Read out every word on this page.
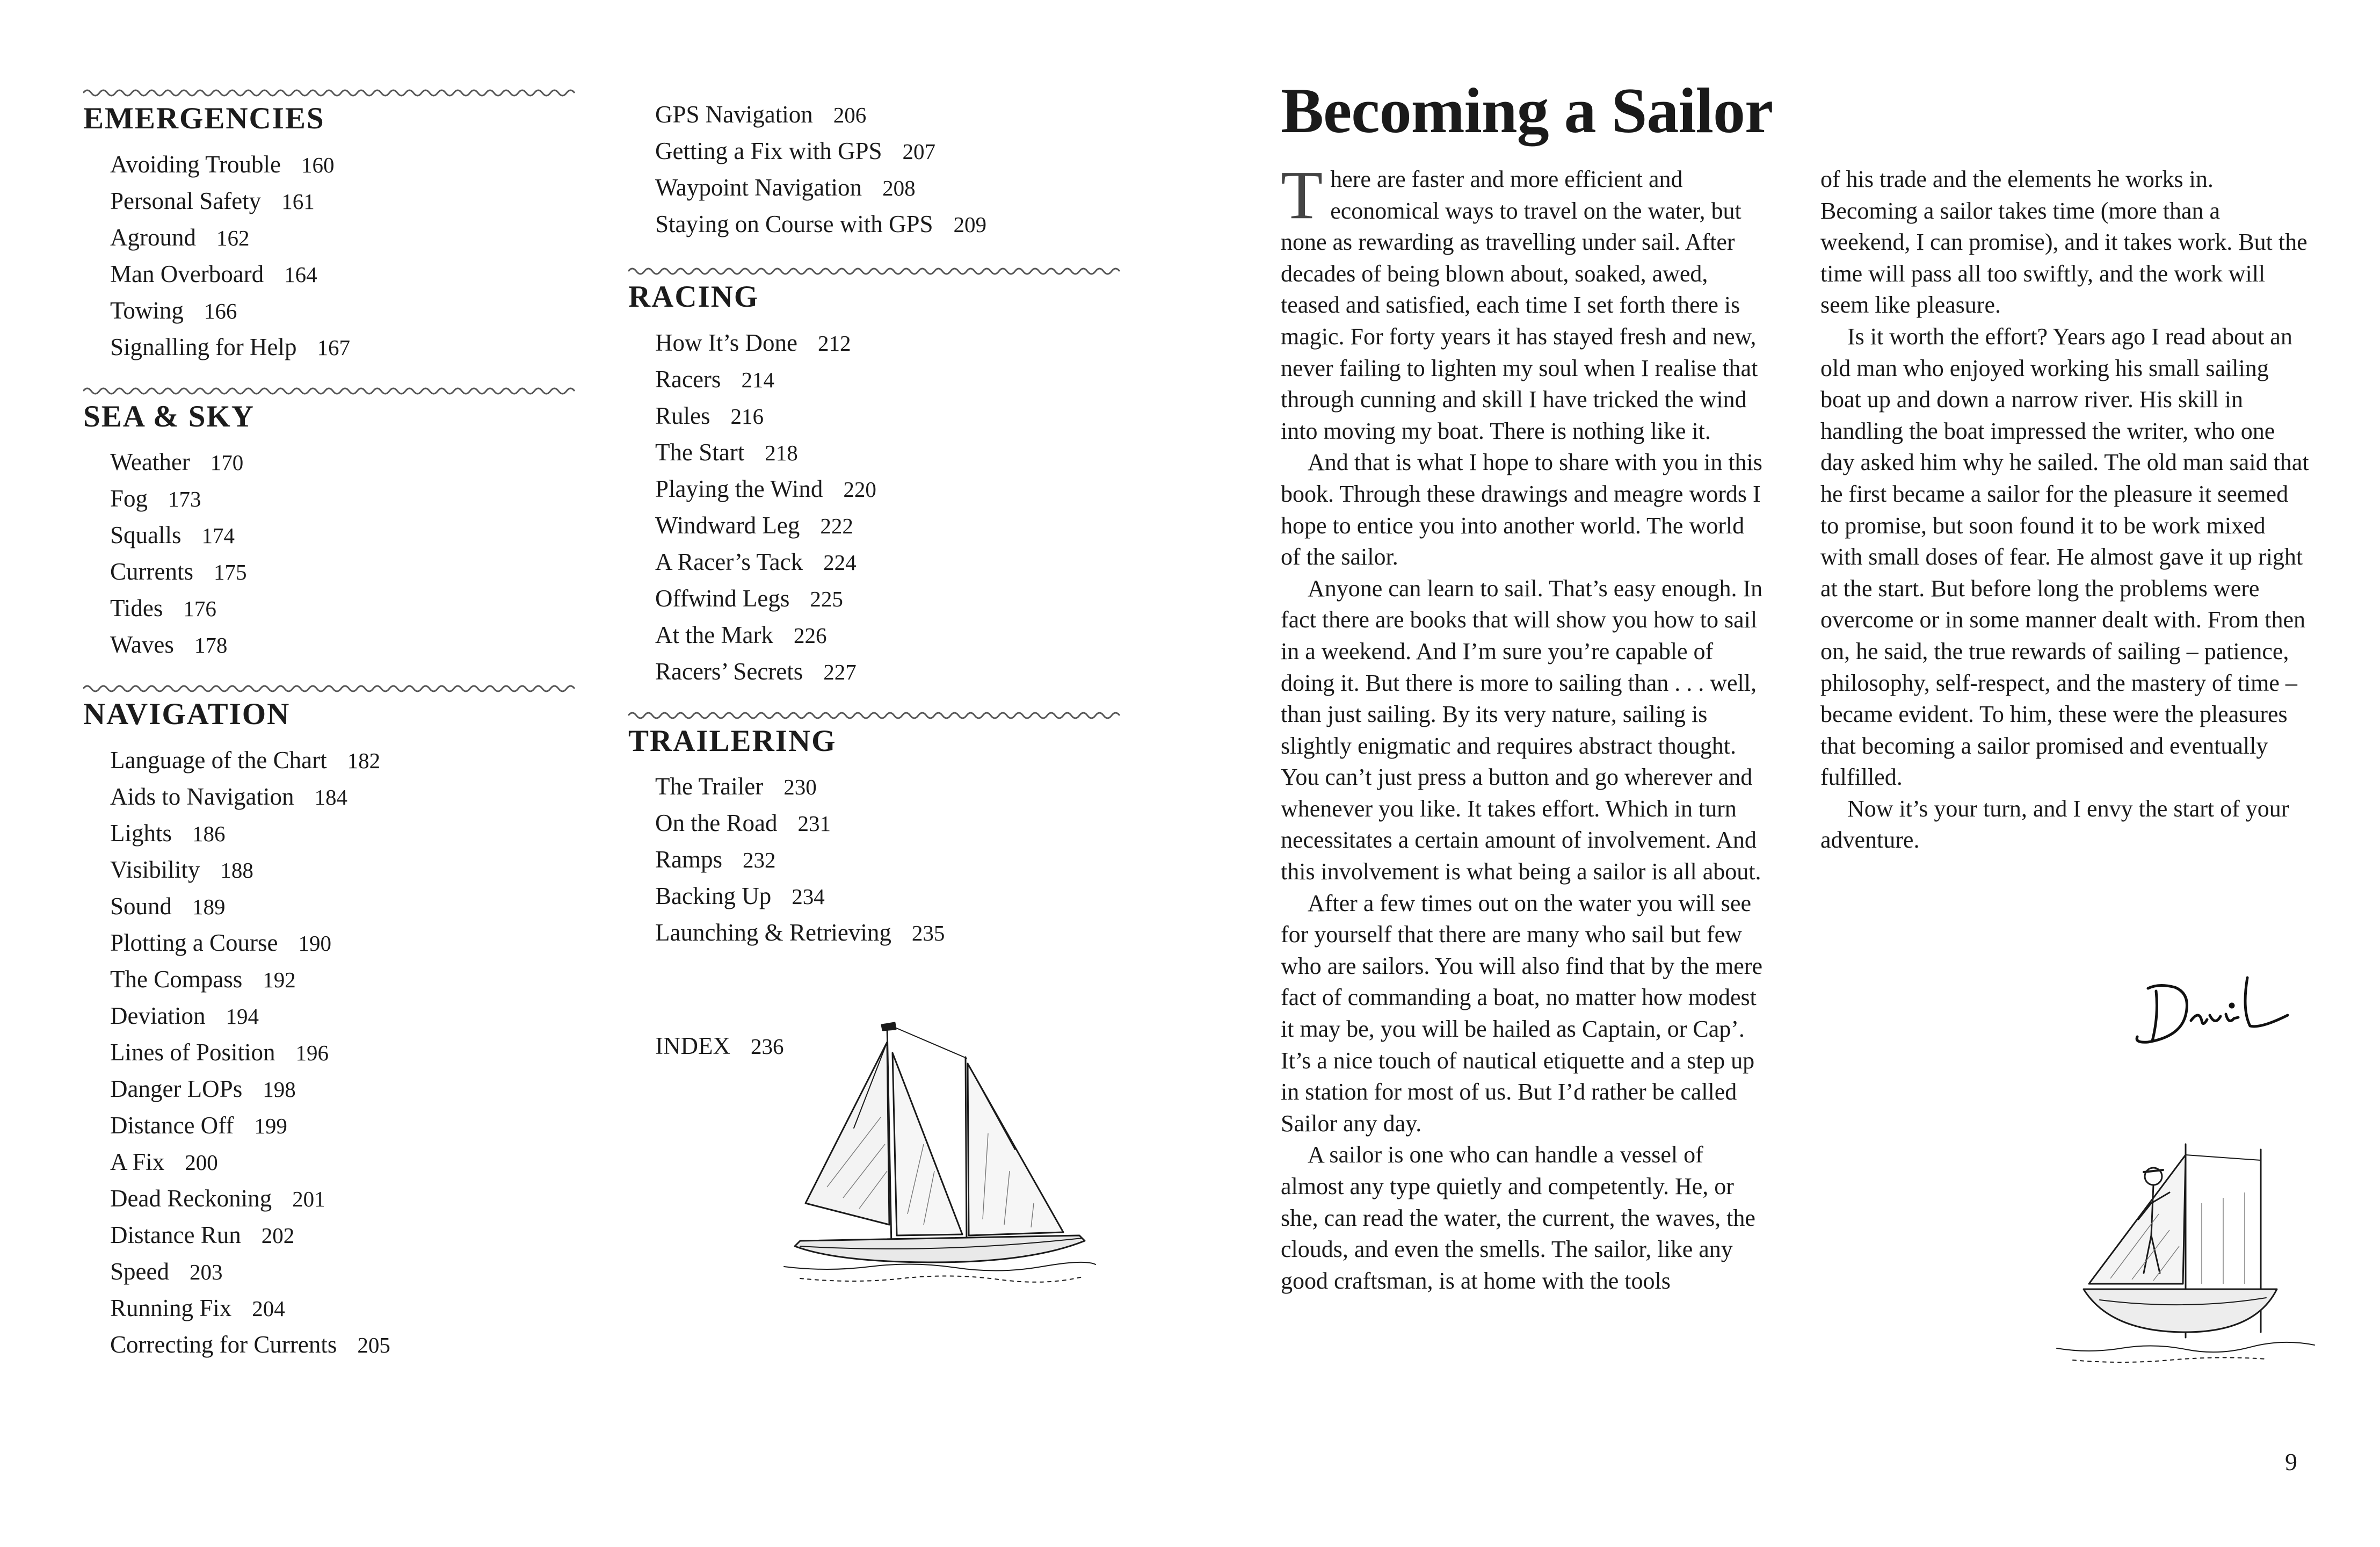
EMERGENCIES
Avoiding Trouble 160
Personal Safety 161
Aground 162
Man Overboard 164
Towing 166
Signalling for Help 167
SEA & SKY
Weather 170
Fog 173
Squalls 174
Currents 175
Tides 176
Waves 178
NAVIGATION
Language of the Chart 182
Aids to Navigation 184
Lights 186
Visibility 188
Sound 189
Plotting a Course 190
The Compass 192
Deviation 194
Lines of Position 196
Danger LOPs 198
Distance Off 199
A Fix 200
Dead Reckoning 201
Distance Run 202
Speed 203
Running Fix 204
Correcting for Currents 205
GPS Navigation 206
Getting a Fix with GPS 207
Waypoint Navigation 208
Staying on Course with GPS 209
RACING
How It’s Done 212
Racers 214
Rules 216
The Start 218
Playing the Wind 220
Windward Leg 222
A Racer’s Tack 224
Offwind Legs 225
At the Mark 226
Racers’ Secrets 227
TRAILERING
The Trailer 230
On the Road 231
Ramps 232
Backing Up 234
Launching & Retrieving 235
INDEX 236
Becoming a Sailor

There are faster and more efficient and economical ways to travel on the water, but none as rewarding as travelling under sail. After decades of being blown about, soaked, awed, teased and satisfied, each time I set forth there is magic. For forty years it has stayed fresh and new, never failing to lighten my soul when I realise that through cunning and skill I have tricked the wind into moving my boat. There is nothing like it.

And that is what I hope to share with you in this book. Through these drawings and meagre words I hope to entice you into another world. The world of the sailor.

Anyone can learn to sail. That’s easy enough. In fact there are books that will show you how to sail in a weekend. And I’m sure you’re capable of doing it. But there is more to sailing than . . . well, than just sailing. By its very nature, sailing is slightly enigmatic and requires abstract thought. You can’t just press a button and go wherever and whenever you like. It takes effort. Which in turn necessitates a certain amount of involvement. And this involvement is what being a sailor is all about.

After a few times out on the water you will see for yourself that there are many who sail but few who are sailors. You will also find that by the mere fact of commanding a boat, no matter how modest it may be, you will be hailed as Captain, or Cap’. It’s a nice touch of nautical etiquette and a step up in station for most of us. But I’d rather be called Sailor any day.

A sailor is one who can handle a vessel of almost any type quietly and competently. He, or she, can read the water, the current, the waves, the clouds, and even the smells. The sailor, like any good craftsman, is at home with the tools

of his trade and the elements he works in. Becoming a sailor takes time (more than a weekend, I can promise), and it takes work. But the time will pass all too swiftly, and the work will seem like pleasure.

Is it worth the effort? Years ago I read about an old man who enjoyed working his small sailing boat up and down a narrow river. His skill in handling the boat impressed the writer, who one day asked him why he sailed. The old man said that he first became a sailor for the pleasure it seemed to promise, but soon found it to be work mixed with small doses of fear. He almost gave it up right at the start. But before long the problems were overcome or in some manner dealt with. From then on, he said, the true rewards of sailing – patience, philosophy, self-respect, and the mastery of time – became evident. To him, these were the pleasures that becoming a sailor promised and eventually fulfilled.

Now it’s your turn, and I envy the start of your adventure.

9
